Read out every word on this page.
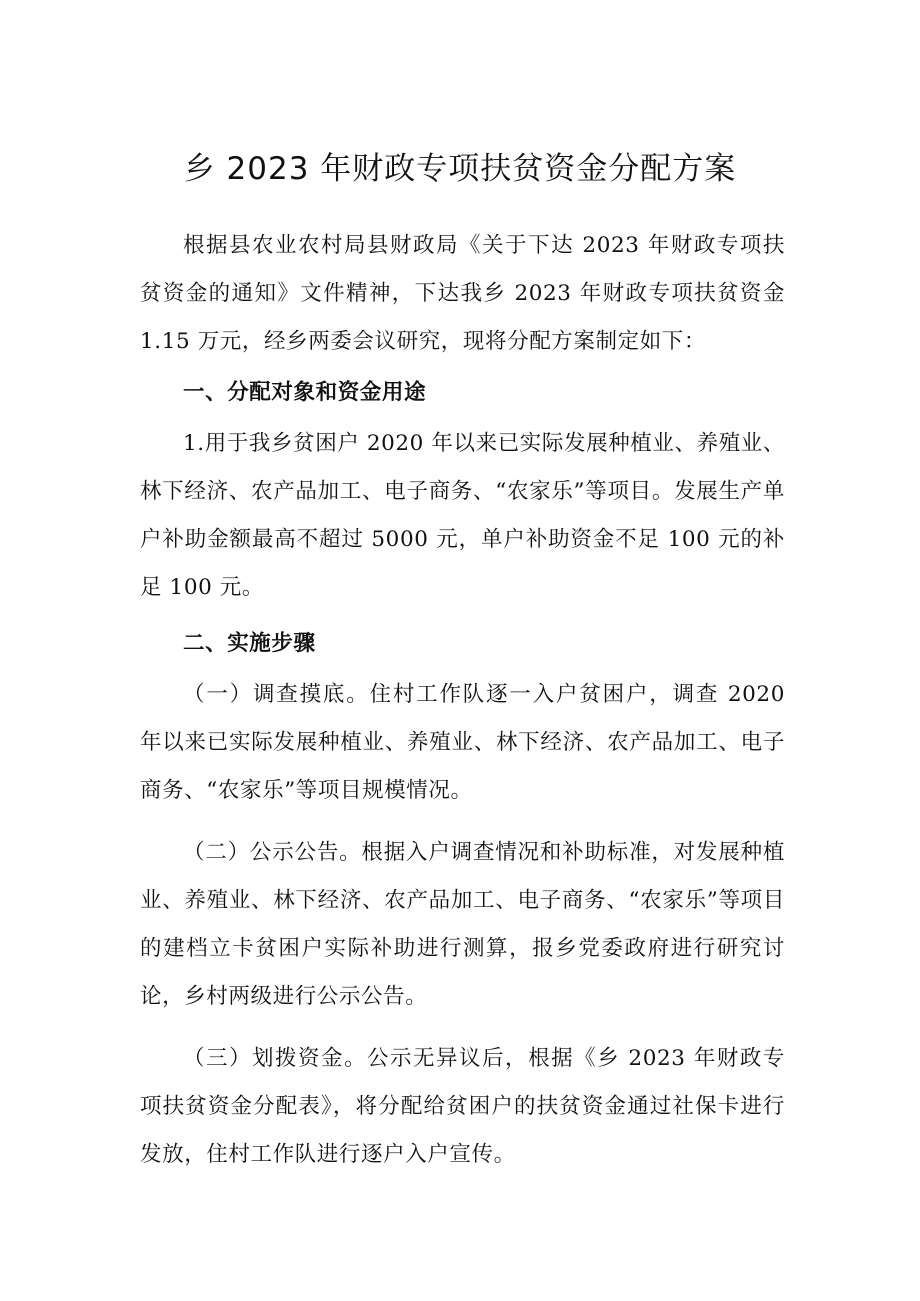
乡 2023 年财政专项扶贫资金分配方案

根据县农业农村局县财政局《关于下达 2023 年财政专项扶贫资金的通知》文件精神，下达我乡 2023 年财政专项扶贫资金 1.15 万元，经乡两委会议研究，现将分配方案制定如下：

一、分配对象和资金用途

1.用于我乡贫困户 2020 年以来已实际发展种植业、养殖业、林下经济、农产品加工、电子商务、“农家乐”等项目。发展生产单户补助金额最高不超过 5000 元，单户补助资金不足 100 元的补足 100 元。

二、实施步骤

（一）调查摸底。住村工作队逐一入户贫困户，调查 2020 年以来已实际发展种植业、养殖业、林下经济、农产品加工、电子商务、“农家乐”等项目规模情况。

（二）公示公告。根据入户调查情况和补助标准，对发展种植业、养殖业、林下经济、农产品加工、电子商务、“农家乐”等项目的建档立卡贫困户实际补助进行测算，报乡党委政府进行研究讨论，乡村两级进行公示公告。

（三）划拨资金。公示无异议后，根据《乡 2023 年财政专项扶贫资金分配表》，将分配给贫困户的扶贫资金通过社保卡进行发放，住村工作队进行逐户入户宣传。
